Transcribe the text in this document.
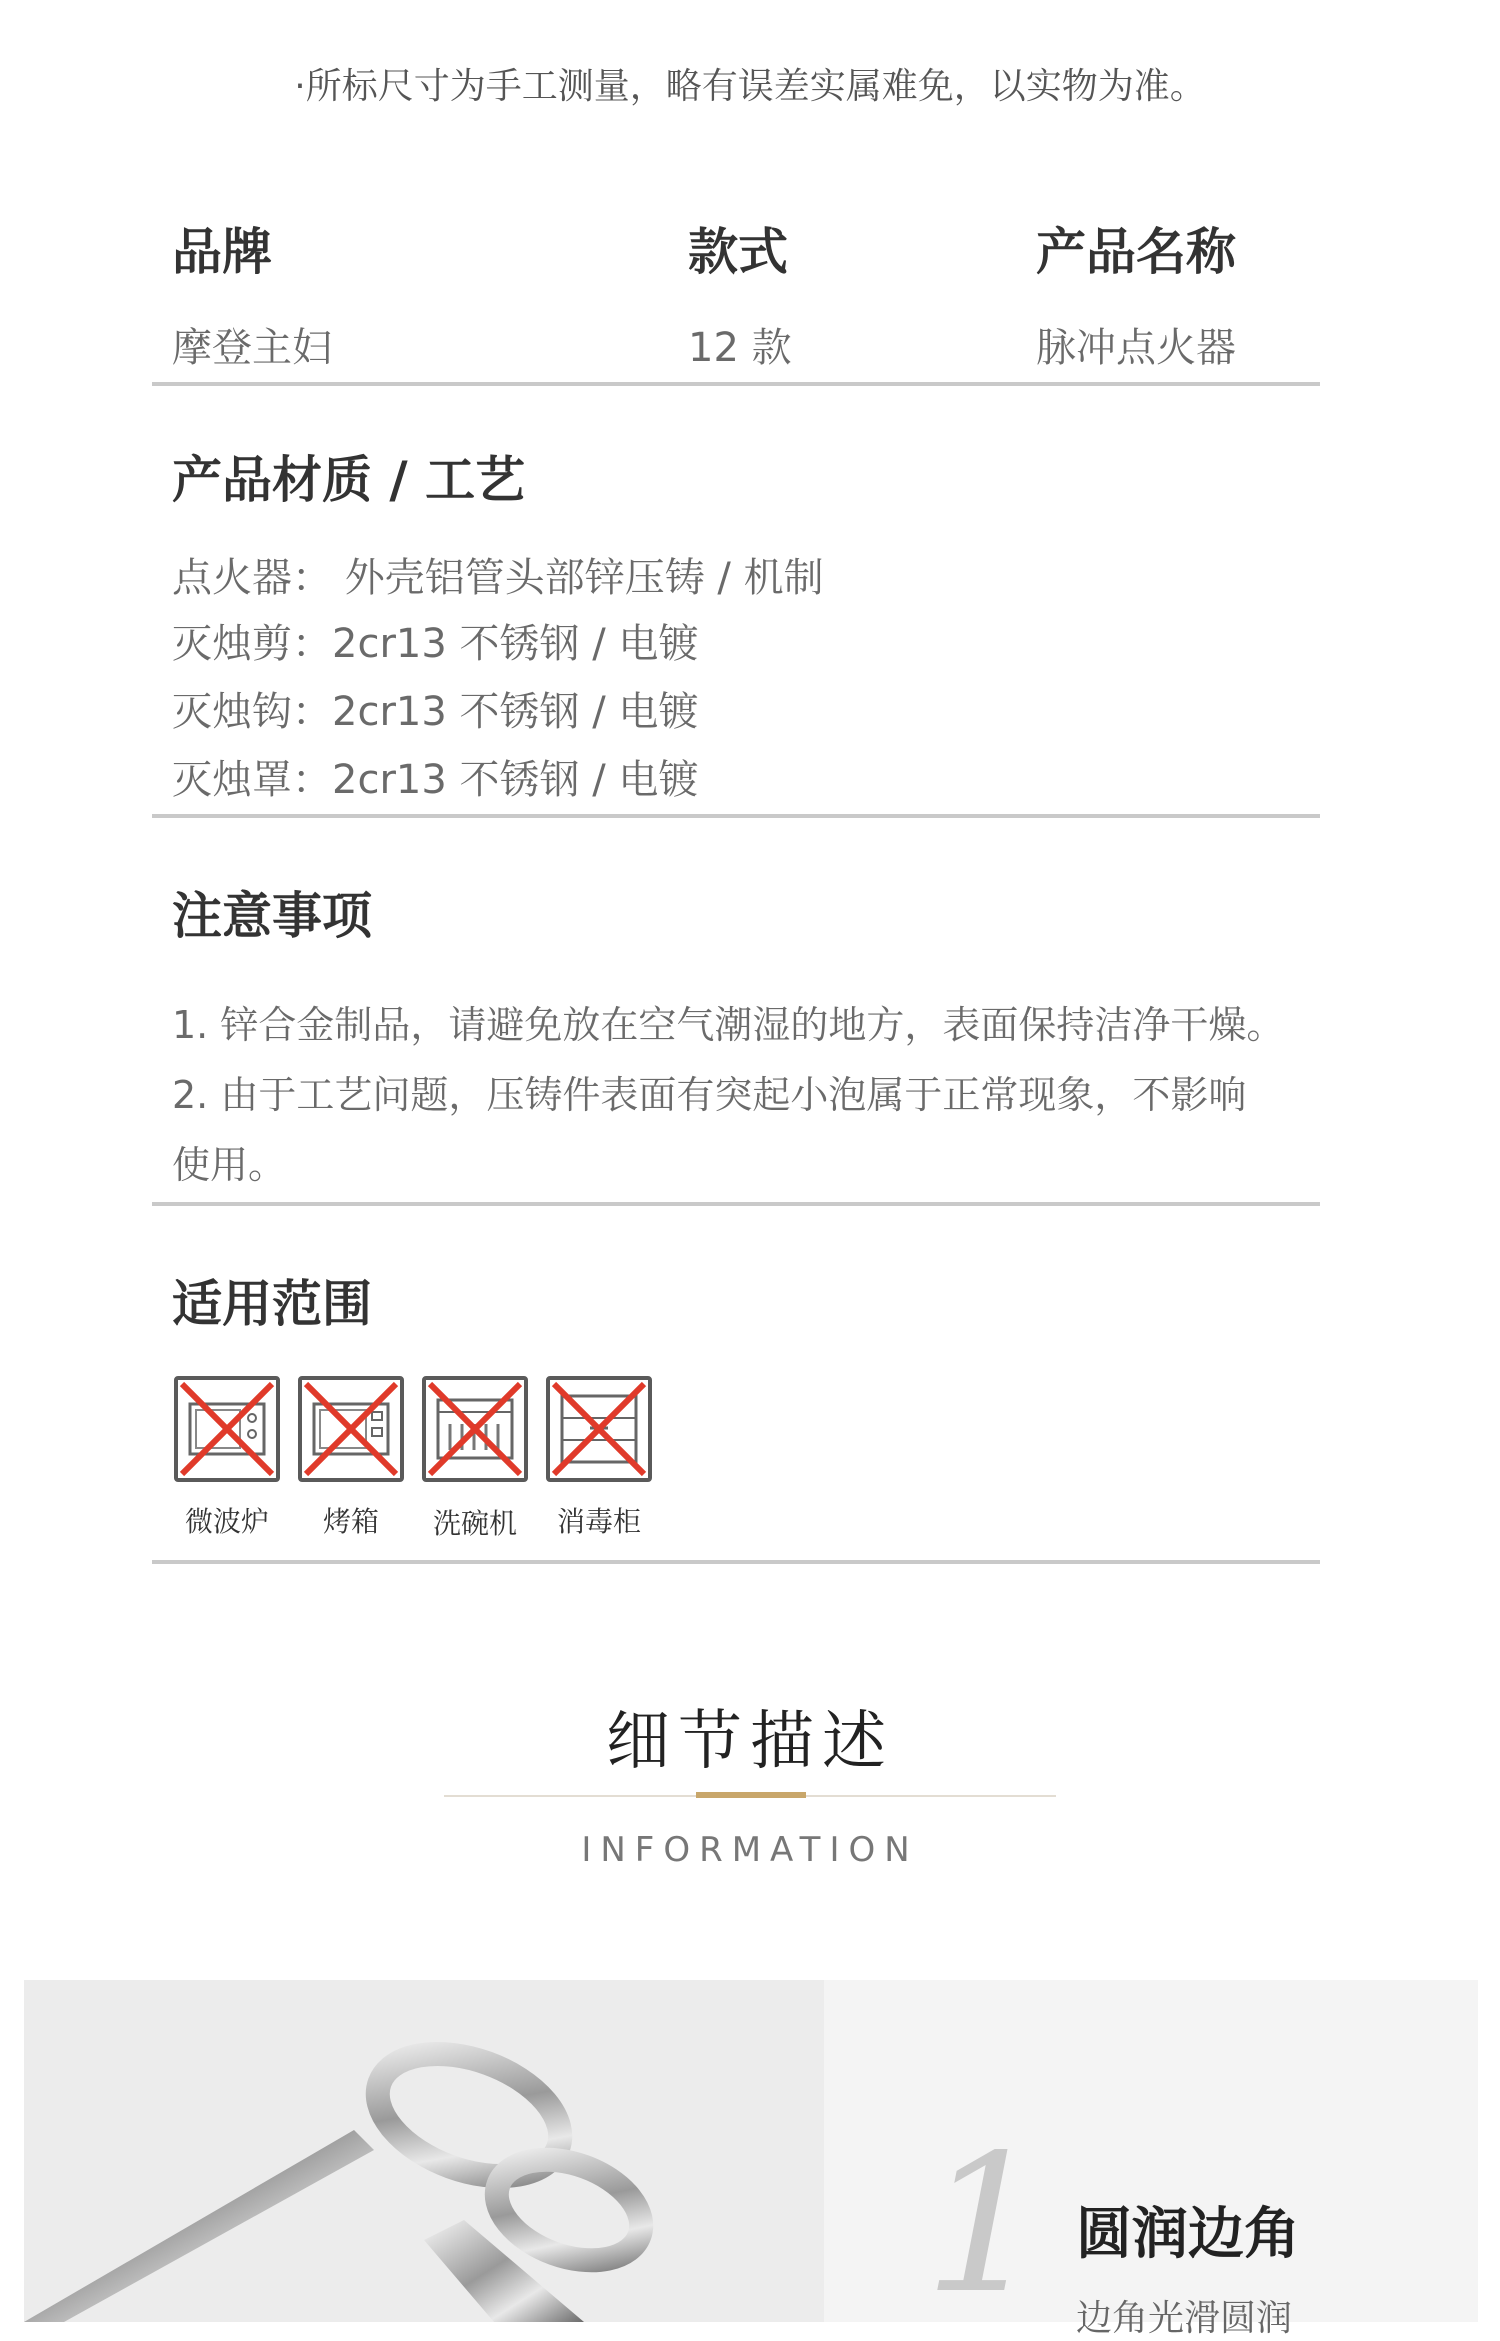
·所标尺寸为手工测量，略有误差实属难免，以实物为准。
品牌	款式	产品名称
摩登主妇	12 款	脉冲点火器
产品材质 / 工艺
点火器： 外壳铝管头部锌压铸 / 机制
灭烛剪：2cr13 不锈钢 / 电镀
灭烛钩：2cr13 不锈钢 / 电镀
灭烛罩：2cr13 不锈钢 / 电镀
注意事项
1. 锌合金制品，请避免放在空气潮湿的地方，表面保持洁净干燥。
2. 由于工艺问题，压铸件表面有突起小泡属于正常现象，不影响
使用。
适用范围
微波炉	烤箱	洗碗机	消毒柜
细节描述
INFORMATION
1 圆润边角
边角光滑圆润
